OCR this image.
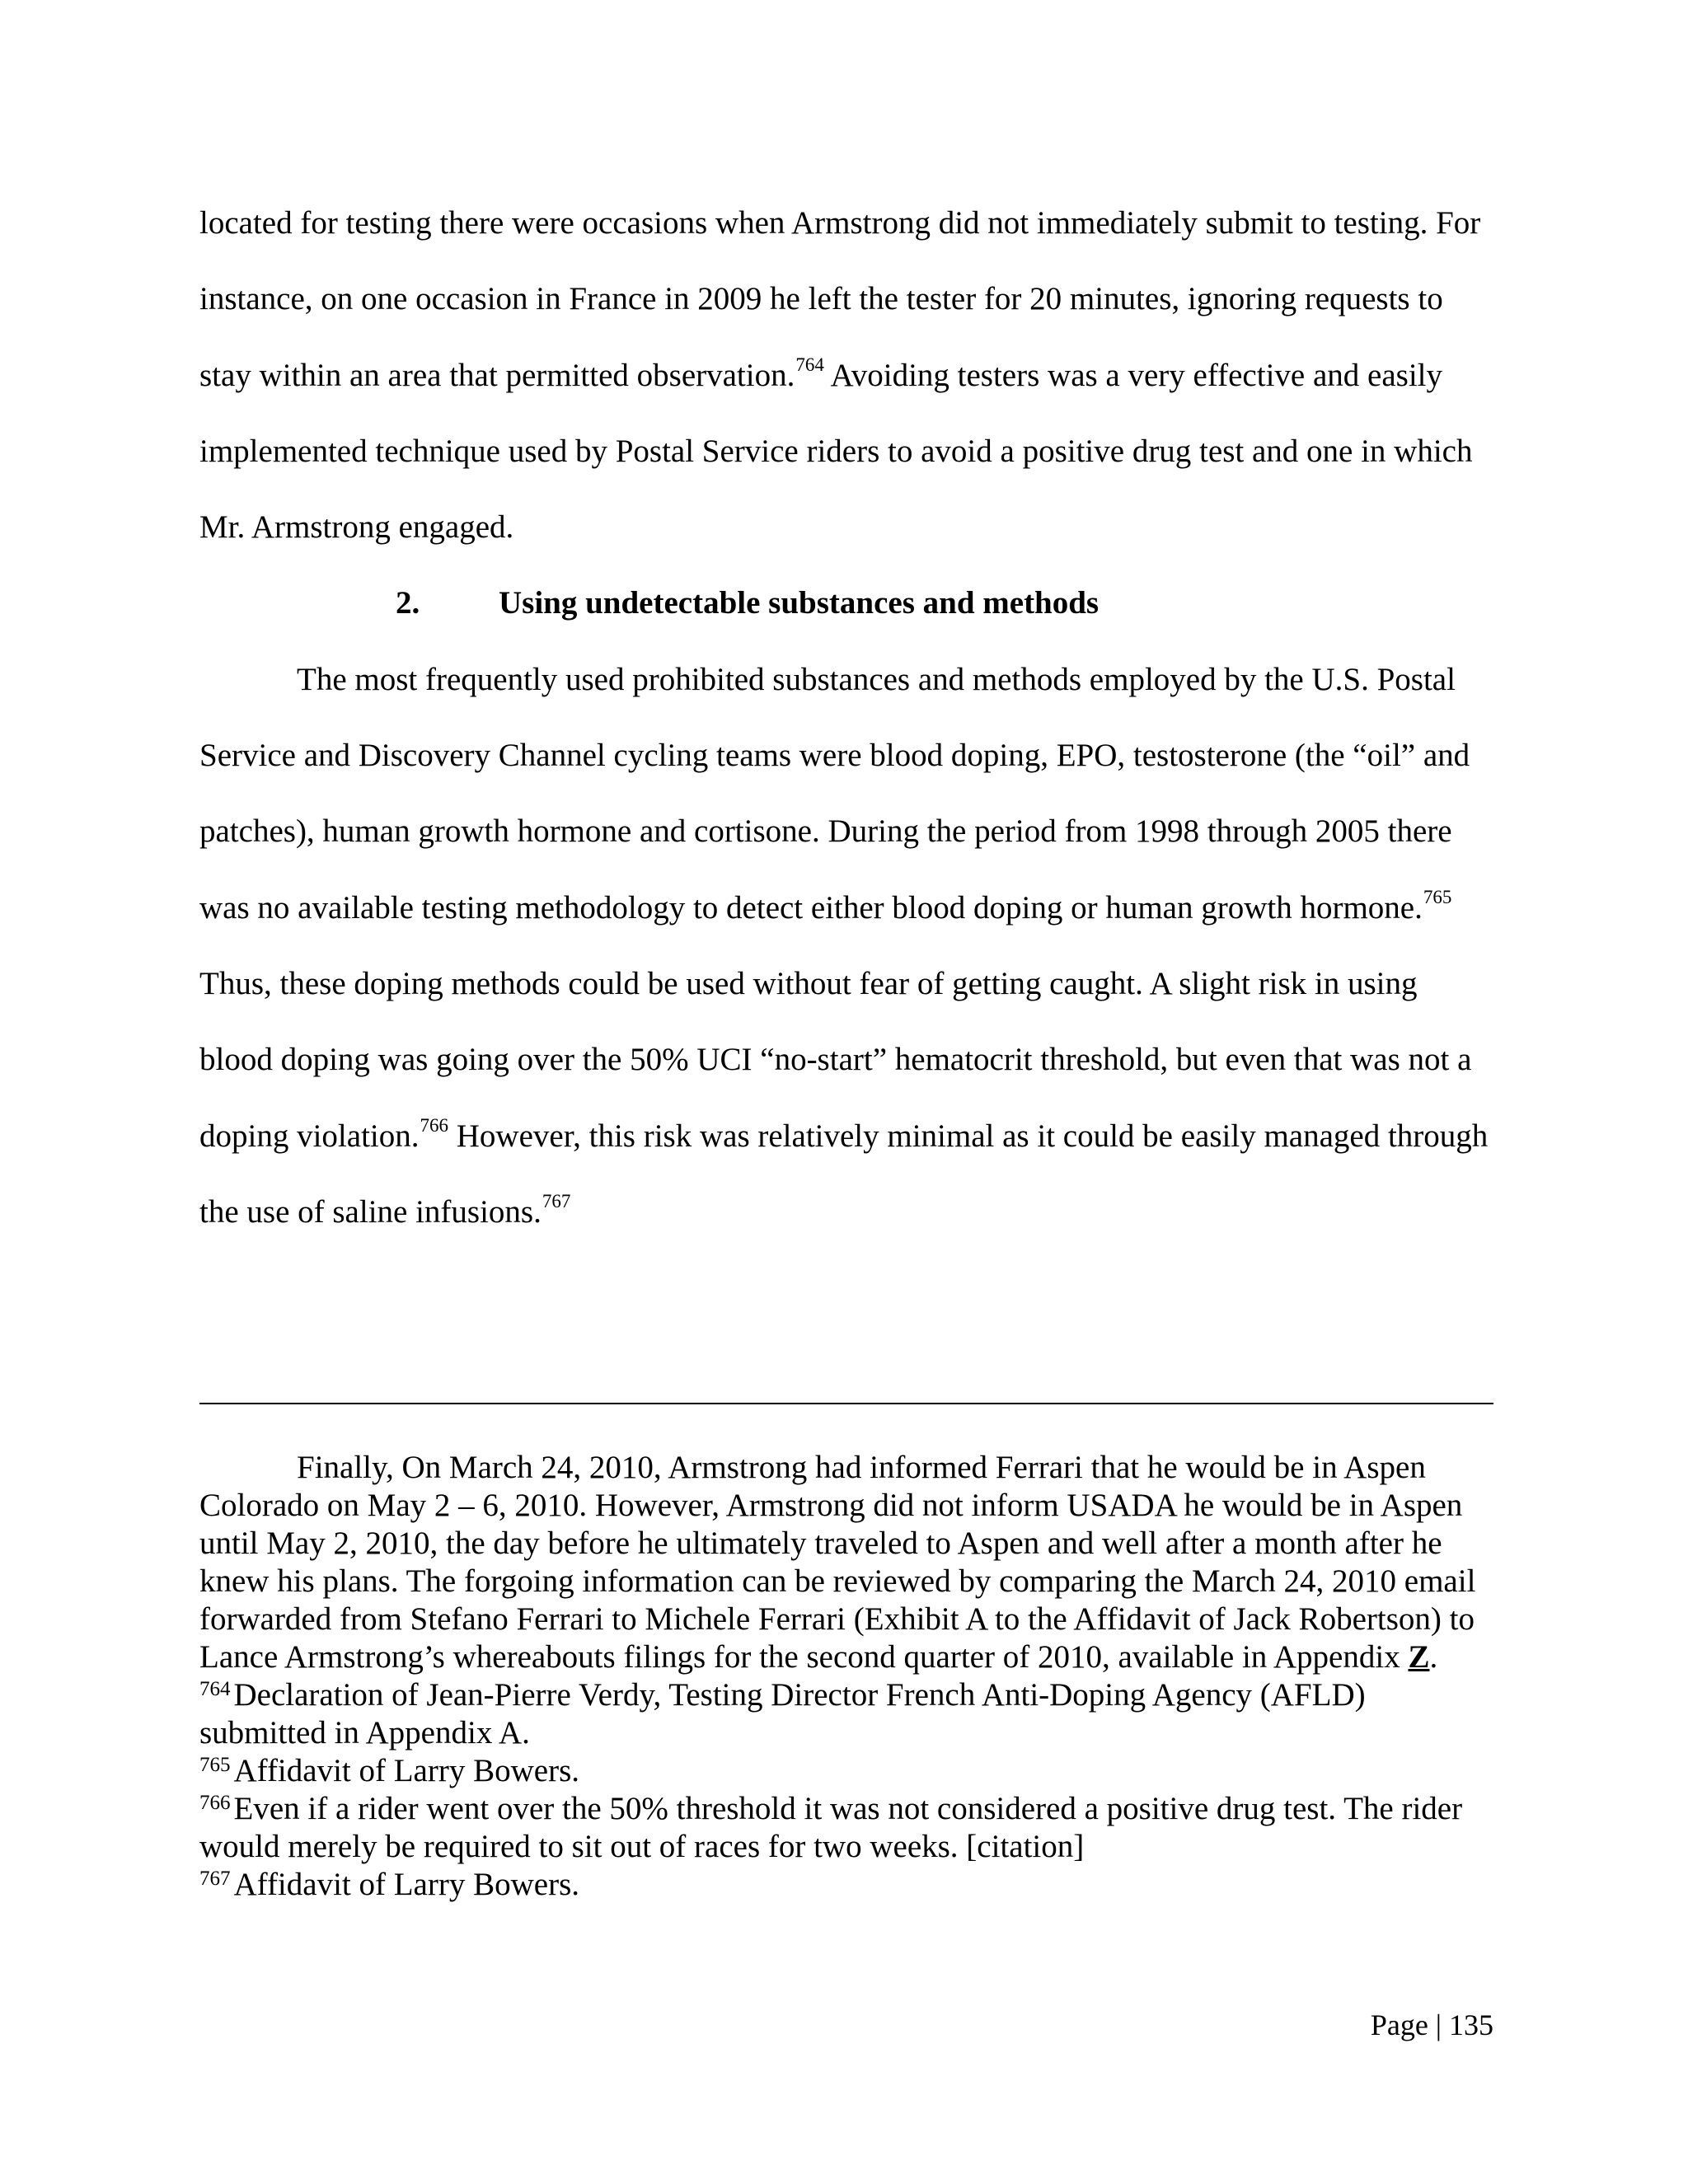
located for testing there were occasions when Armstrong did not immediately submit to testing. For instance, on one occasion in France in 2009 he left the tester for 20 minutes, ignoring requests to stay within an area that permitted observation.$^{764}$ Avoiding testers was a very effective and easily implemented technique used by Postal Service riders to avoid a positive drug test and one in which Mr. Armstrong engaged.

2. Using undetectable substances and methods

The most frequently used prohibited substances and methods employed by the U.S. Postal Service and Discovery Channel cycling teams were blood doping, EPO, testosterone (the “oil” and patches), human growth hormone and cortisone. During the period from 1998 through 2005 there was no available testing methodology to detect either blood doping or human growth hormone.$^{765}$ Thus, these doping methods could be used without fear of getting caught. A slight risk in using blood doping was going over the 50% UCI “no-start” hematocrit threshold, but even that was not a doping violation.$^{766}$ However, this risk was relatively minimal as it could be easily managed through the use of saline infusions.$^{767}$

Finally, On March 24, 2010, Armstrong had informed Ferrari that he would be in Aspen Colorado on May 2 – 6, 2010. However, Armstrong did not inform USADA he would be in Aspen until May 2, 2010, the day before he ultimately traveled to Aspen and well after a month after he knew his plans. The forgoing information can be reviewed by comparing the March 24, 2010 email forwarded from Stefano Ferrari to Michele Ferrari (Exhibit A to the Affidavit of Jack Robertson) to Lance Armstrong’s whereabouts filings for the second quarter of 2010, available in Appendix Z.

$^{764}$ Declaration of Jean-Pierre Verdy, Testing Director French Anti-Doping Agency (AFLD) submitted in Appendix A.

$^{765}$ Affidavit of Larry Bowers.

$^{766}$ Even if a rider went over the 50% threshold it was not considered a positive drug test. The rider would merely be required to sit out of races for two weeks. [citation]

$^{767}$ Affidavit of Larry Bowers.

Page | 135
